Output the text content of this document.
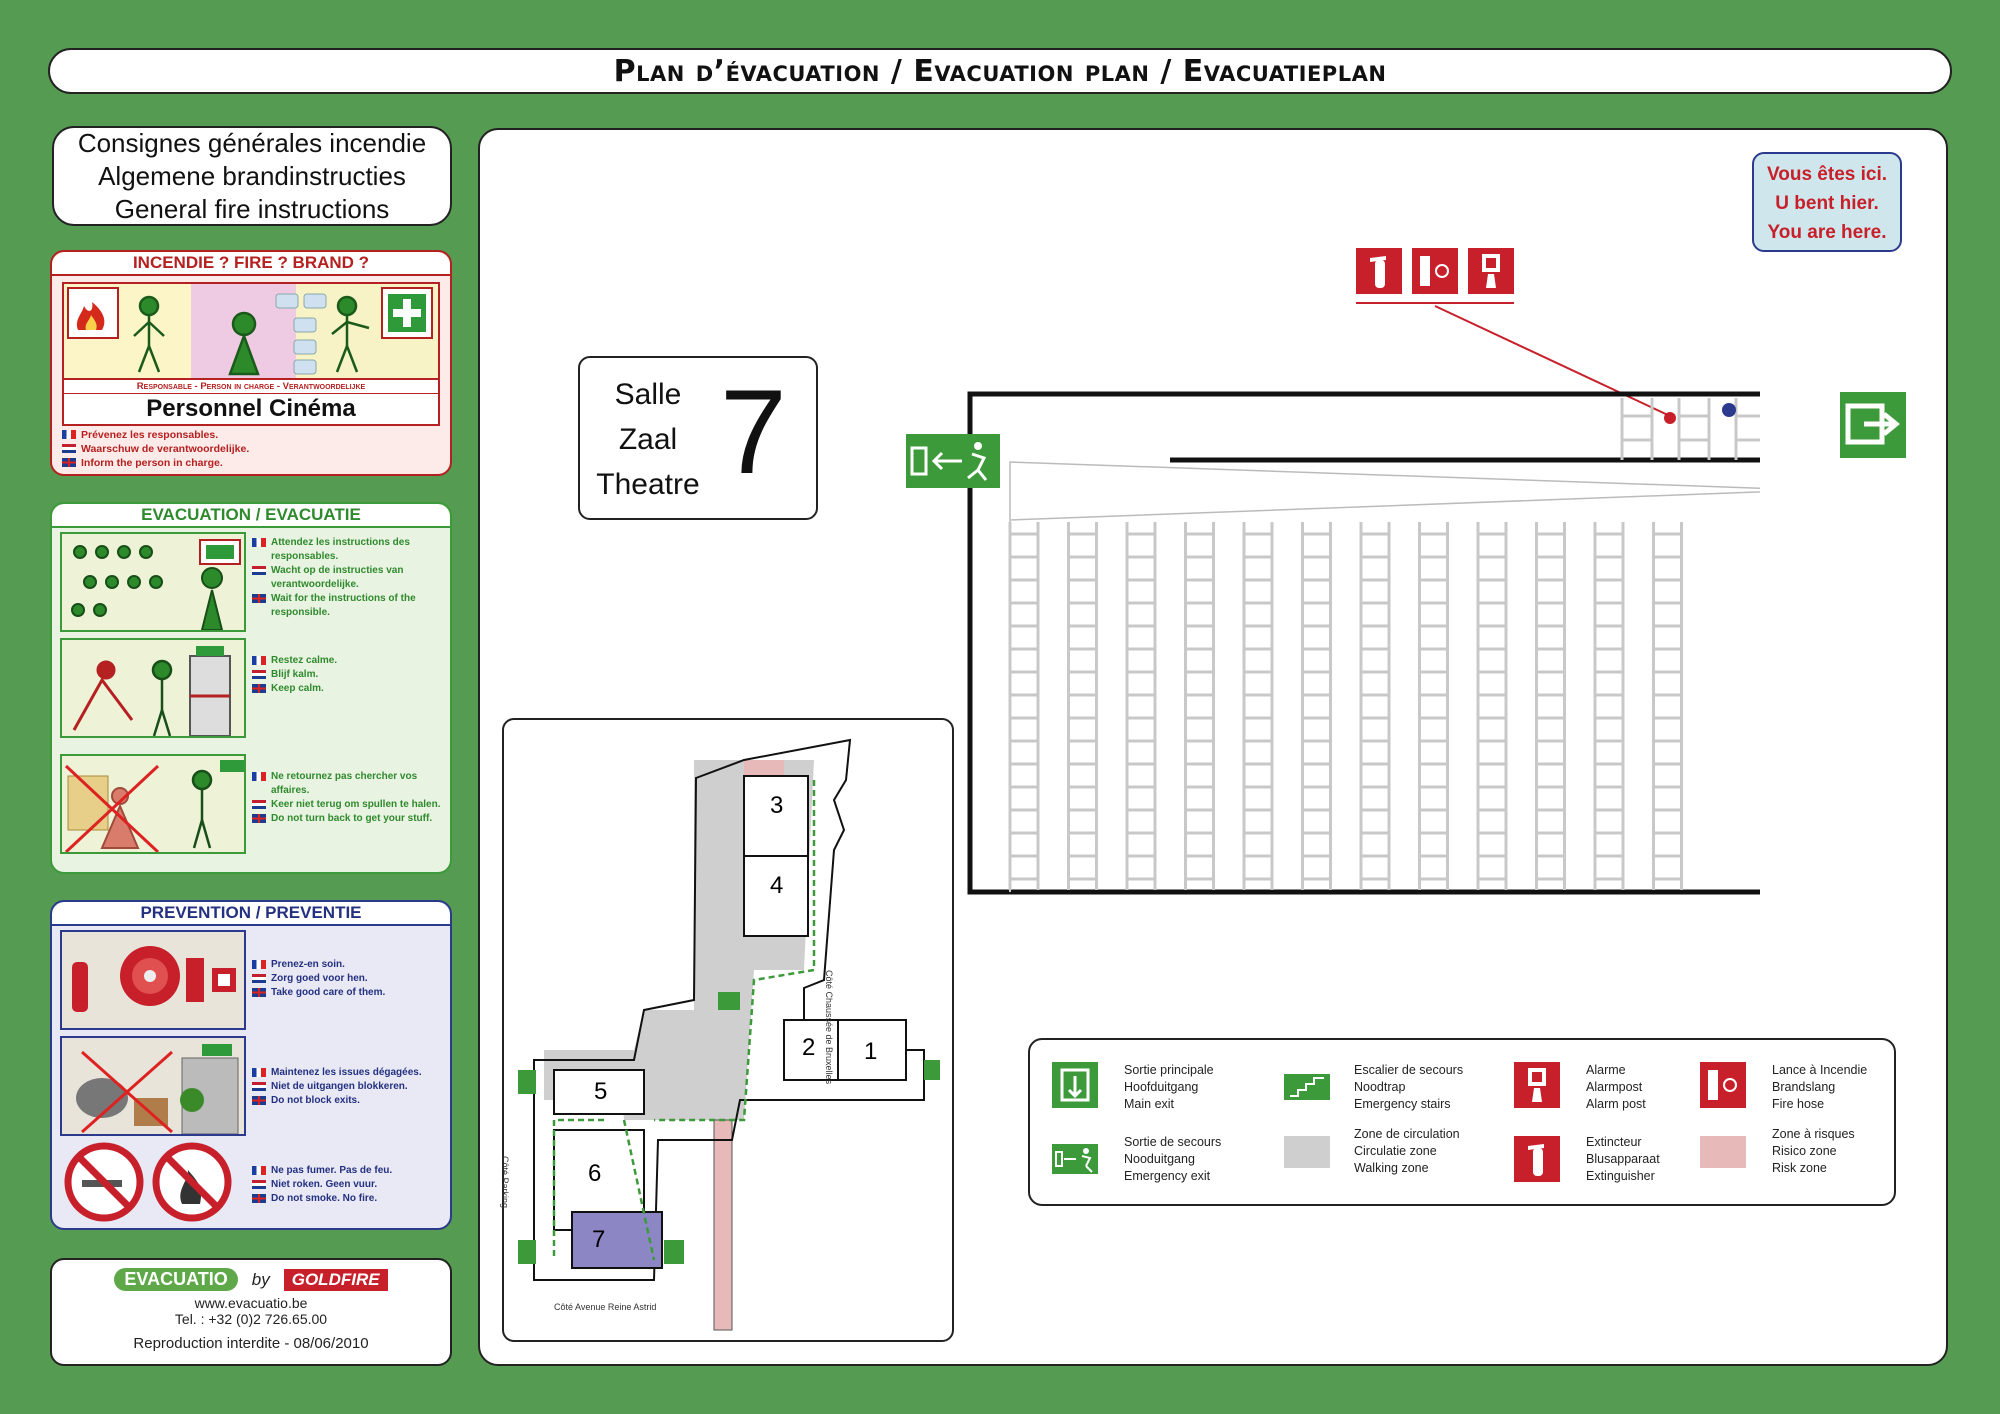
Plan d’évacuation / Evacuation plan / Evacuatieplan
Consignes générales incendie
Algemene brandinstructies
General fire instructions
INCENDIE ? FIRE ? BRAND ?
Responsable - Person in charge - Verantwoordelijke
Personnel Cinéma
Prévenez les responsables.
Waarschuw de verantwoordelijke.
Inform the person in charge.
EVACUATION / EVACUATIE
Attendez les instructions des responsables.
Wacht op de instructies van verantwoordelijke.
Wait for the instructions of the responsible.
Restez calme.
Blijf kalm.
Keep calm.
Ne retournez pas chercher vos affaires.
Keer niet terug om spullen te halen.
Do not turn back to get your stuff.
PREVENTION / PREVENTIE
Prenez-en soin.
Zorg goed voor hen.
Take good care of them.
Maintenez les issues dégagées.
Niet de uitgangen blokkeren.
Do not block exits.
Ne pas fumer. Pas de feu.
Niet roken. Geen vuur.
Do not smoke. No fire.
EVACUATIO	by	GOLDFIRE
www.evacuatio.be
Tel. : +32 (0)2 726.65.00
Reproduction interdite - 08/06/2010
Salle
Zaal
Theatre 7
Vous êtes ici.
U bent hier.
You are here.
3
4
2 1
5
6
7
Côté Chaussée de Bruxelles
Côté Parking
Côté Avenue Reine Astrid
Sortie principale
Hoofduitgang
Main exit
Sortie de secours
Nooduitgang
Emergency exit
Escalier de secours
Noodtrap
Emergency stairs
Zone de circulation
Circulatie zone
Walking zone
Alarme
Alarmpost
Alarm post
Extincteur
Blusapparaat
Extinguisher
Lance à Incendie
Brandslang
Fire hose
Zone à risques
Risico zone
Risk zone
